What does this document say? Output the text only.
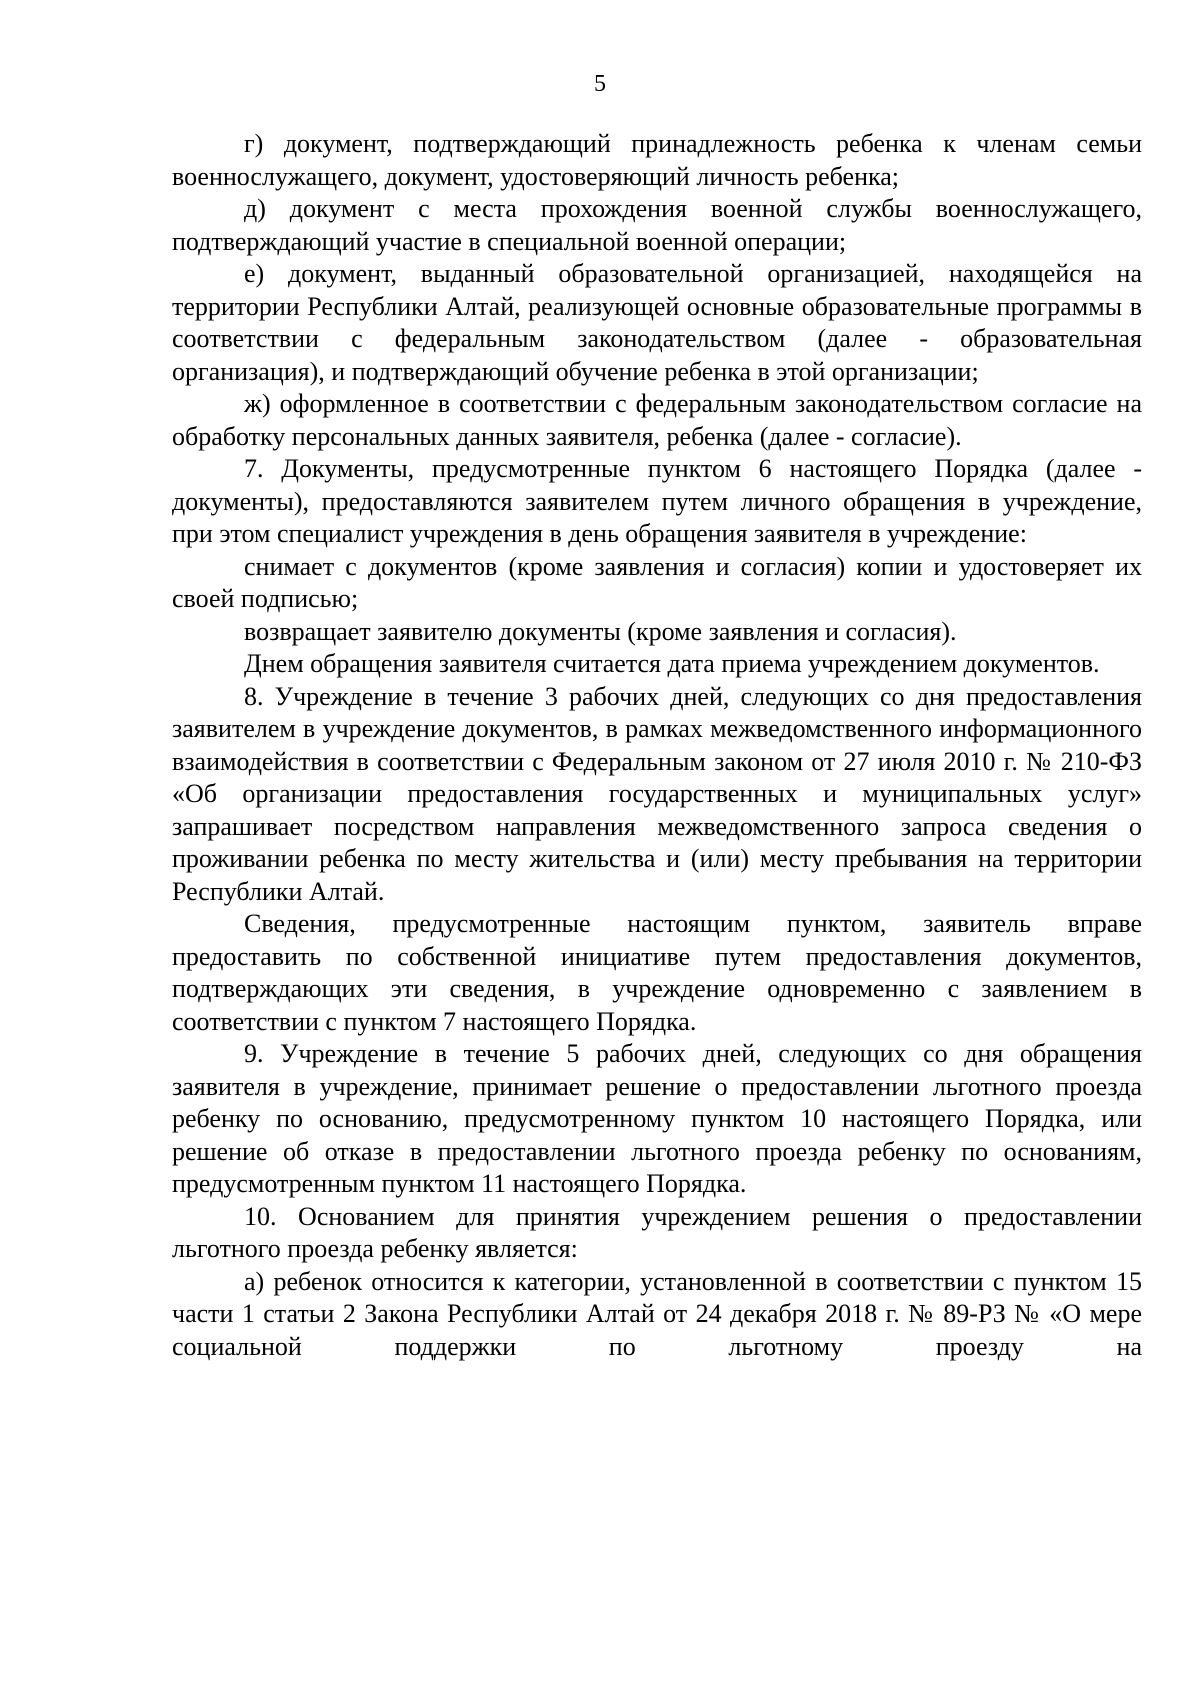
5

г) документ, подтверждающий принадлежность ребенка к членам семьи военнослужащего, документ, удостоверяющий личность ребенка;

д) документ с места прохождения военной службы военнослужащего, подтверждающий участие в специальной военной операции;

е) документ, выданный образовательной организацией, находящейся на территории Республики Алтай, реализующей основные образовательные программы в соответствии с федеральным законодательством (далее - образовательная организация), и подтверждающий обучение ребенка в этой организации;

ж) оформленное в соответствии с федеральным законодательством согласие на обработку персональных данных заявителя, ребенка (далее - согласие).

7. Документы, предусмотренные пунктом 6 настоящего Порядка (далее - документы), предоставляются заявителем путем личного обращения в учреждение, при этом специалист учреждения в день обращения заявителя в учреждение:

снимает с документов (кроме заявления и согласия) копии и удостоверяет их своей подписью;

возвращает заявителю документы (кроме заявления и согласия).

Днем обращения заявителя считается дата приема учреждением документов.

8. Учреждение в течение 3 рабочих дней, следующих со дня предоставления заявителем в учреждение документов, в рамках межведомственного информационного взаимодействия в соответствии с Федеральным законом от 27 июля 2010 г. № 210-ФЗ «Об организации предоставления государственных и муниципальных услуг» запрашивает посредством направления межведомственного запроса сведения о проживании ребенка по месту жительства и (или) месту пребывания на территории Республики Алтай.

Сведения, предусмотренные настоящим пунктом, заявитель вправе предоставить по собственной инициативе путем предоставления документов, подтверждающих эти сведения, в учреждение одновременно с заявлением в соответствии с пунктом 7 настоящего Порядка.

9. Учреждение в течение 5 рабочих дней, следующих со дня обращения заявителя в учреждение, принимает решение о предоставлении льготного проезда ребенку по основанию, предусмотренному пунктом 10 настоящего Порядка, или решение об отказе в предоставлении льготного проезда ребенку по основаниям, предусмотренным пунктом 11 настоящего Порядка.

10. Основанием для принятия учреждением решения о предоставлении льготного проезда ребенку является:

а) ребенок относится к категории, установленной в соответствии с пунктом 15 части 1 статьи 2 Закона Республики Алтай от 24 декабря 2018 г. № 89-РЗ № «О мере социальной поддержки по льготному проезду на
